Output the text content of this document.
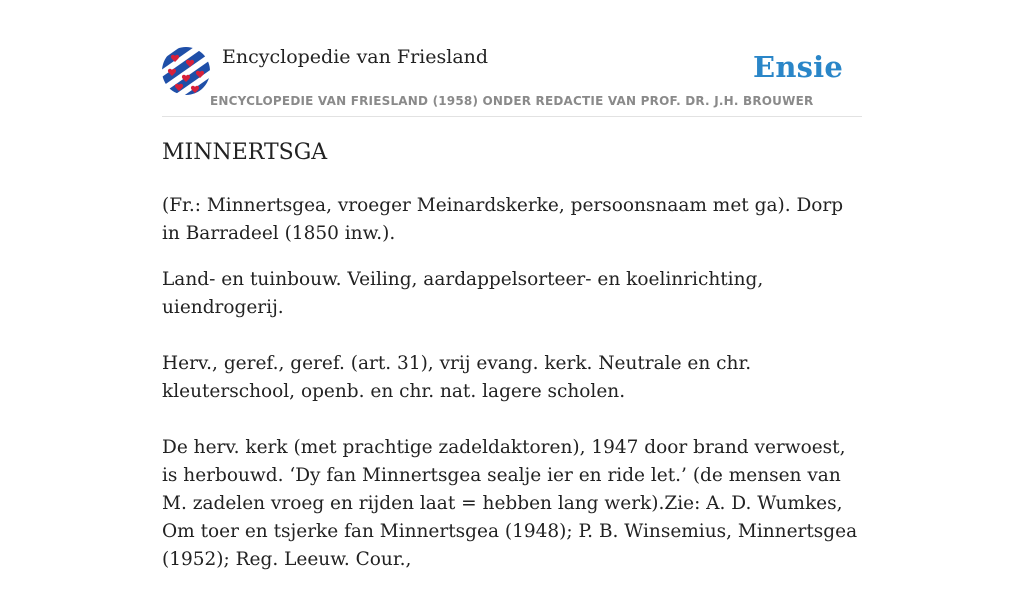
Encyclopedie van Friesland	Ensie
ENCYCLOPEDIE VAN FRIESLAND (1958) ONDER REDACTIE VAN PROF. DR. J.H. BROUWER
MINNERTSGA

(Fr.: Minnertsgea, vroeger Meinardskerke, persoonsnaam met ga). Dorp in Barradeel (1850 inw.).

Land- en tuinbouw. Veiling, aardappelsorteer- en koelinrichting, uiendrogerij.

Herv., geref., geref. (art. 31), vrij evang. kerk. Neutrale en chr. kleuterschool, openb. en chr. nat. lagere scholen.

De herv. kerk (met prachtige zadeldaktoren), 1947 door brand verwoest, is herbouwd. ‘Dy fan Minnertsgea sealje ier en ride let.’ (de mensen van M. zadelen vroeg en rijden laat = hebben lang werk).Zie: A. D. Wumkes, Om toer en tsjerke fan Minnertsgea (1948); P. B. Winsemius, Minnertsgea (1952); Reg. Leeuw. Cour.,
